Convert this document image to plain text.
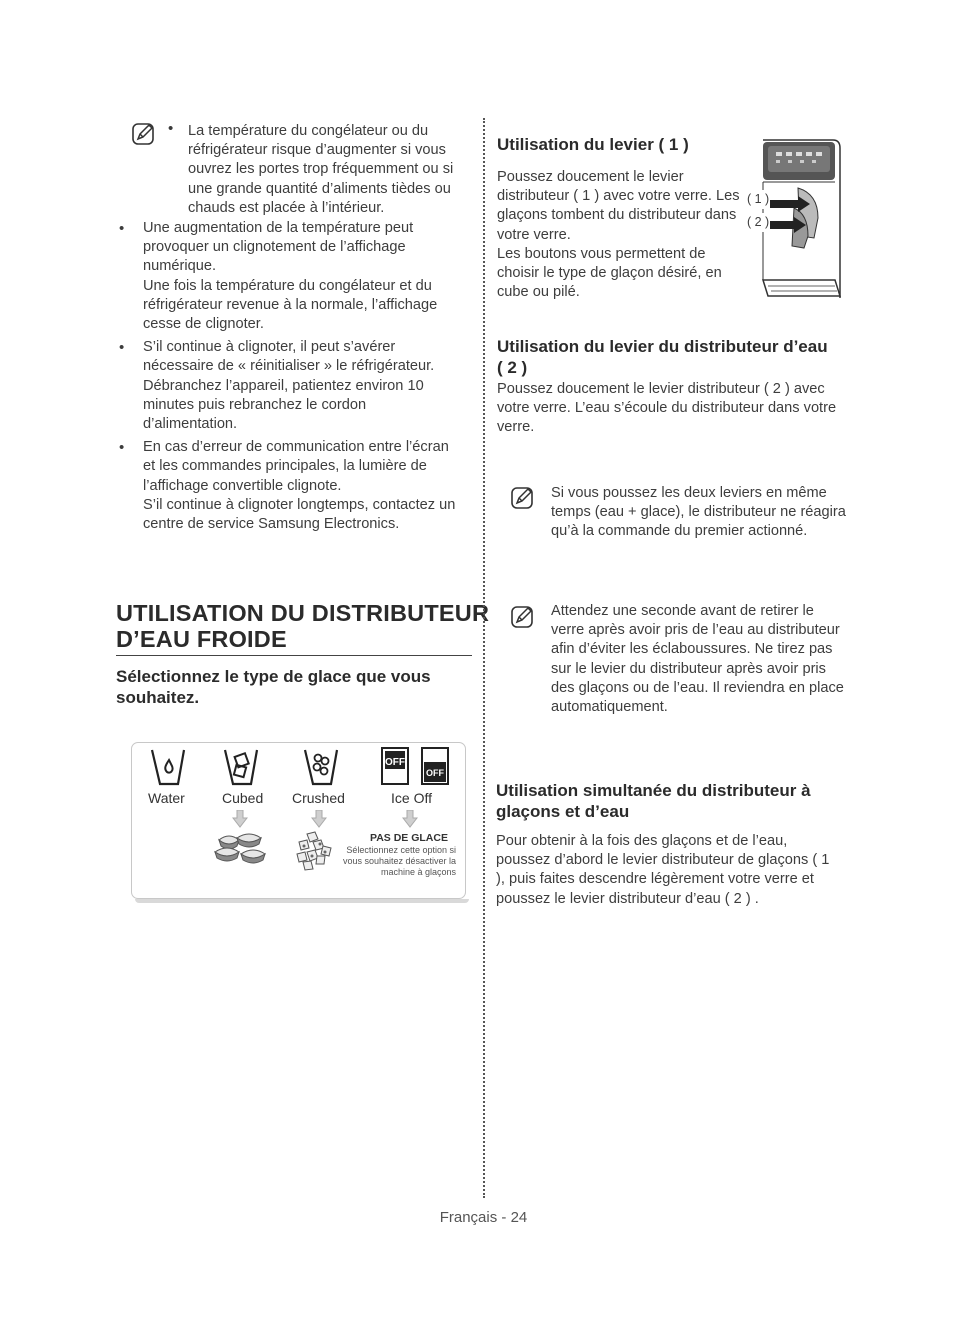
• La température du congélateur ou du réfrigérateur risque d’augmenter si vous ouvrez les portes trop fréquemment ou si une grande quantité d’aliments tièdes ou chauds est placée à l’intérieur.
• Une augmentation de la température peut provoquer un clignotement de l’affichage numérique.
Une fois la température du congélateur et du réfrigérateur revenue à la normale, l’affichage cesse de clignoter.
• S’il continue à clignoter, il peut s’avérer nécessaire de « réinitialiser » le réfrigérateur. Débranchez l’appareil, patientez environ 10 minutes puis rebranchez le cordon d’alimentation.
• En cas d’erreur de communication entre l’écran et les commandes principales, la lumière de l’affichage convertible clignote.
S’il continue à clignoter longtemps, contactez un centre de service Samsung Electronics.
UTILISATION DU DISTRIBUTEUR
D’EAU FROIDE
Sélectionnez le type de glace que vous
souhaitez.
OFF
OFF
Water	Cubed Crushed	Ice Off
PAS DE GLACE
Sélectionnez cette option si vous souhaitez désactiver la machine à glaçons
Utilisation du levier ( 1 )
Poussez doucement le levier distributeur ( 1 ) avec votre verre. Les glaçons tombent du distributeur dans votre verre.
Les boutons vous permettent de choisir le type de glaçon désiré, en cube ou pilé.
( 1 )
( 2 )
Utilisation du levier du distributeur d’eau
( 2 )
Poussez doucement le levier distributeur ( 2 ) avec votre verre. L’eau s’écoule du distributeur dans votre verre.
Si vous poussez les deux leviers en même temps (eau + glace), le distributeur ne réagira qu’à la commande du premier actionné.
Attendez une seconde avant de retirer le verre après avoir pris de l’eau au distributeur afin d’éviter les éclaboussures. Ne tirez pas sur le levier du distributeur après avoir pris des glaçons ou de l’eau. Il reviendra en place automatiquement.
Utilisation simultanée du distributeur à
glaçons et d’eau
Pour obtenir à la fois des glaçons et de l’eau, poussez d’abord le levier distributeur de glaçons ( 1 ), puis faites descendre légèrement votre verre et poussez le levier distributeur d’eau ( 2 ) .
Français - 24
